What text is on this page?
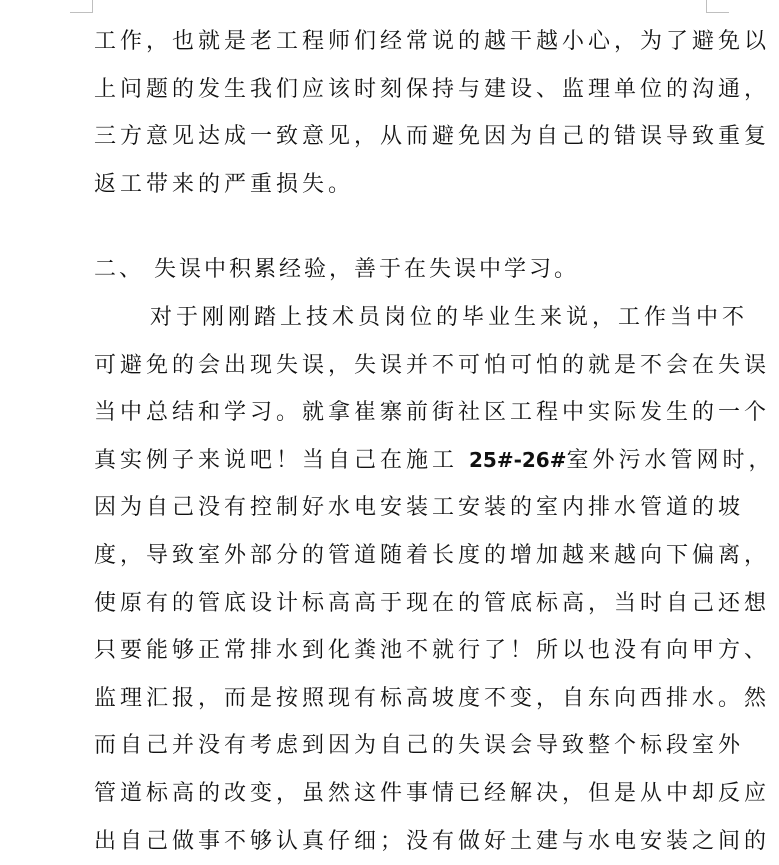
工作，也就是老工程师们经常说的越干越小心，为了避免以
上问题的发生我们应该时刻保持与建设、监理单位的沟通，
三方意见达成一致意见，从而避免因为自己的错误导致重复
返工带来的严重损失。
二、 失误中积累经验，善于在失误中学习。
对于刚刚踏上技术员岗位的毕业生来说，工作当中不
可避免的会出现失误，失误并不可怕可怕的就是不会在失误
当中总结和学习。就拿崔寨前街社区工程中实际发生的一个
真实例子来说吧！当自己在施工 25#-26#室外污水管网时，
因为自己没有控制好水电安装工安装的室内排水管道的坡
度，导致室外部分的管道随着长度的增加越来越向下偏离，
使原有的管底设计标高高于现在的管底标高，当时自己还想
只要能够正常排水到化粪池不就行了！所以也没有向甲方、
监理汇报，而是按照现有标高坡度不变，自东向西排水。然
而自己并没有考虑到因为自己的失误会导致整个标段室外
管道标高的改变，虽然这件事情已经解决，但是从中却反应
出自己做事不够认真仔细；没有做好土建与水电安装之间的
